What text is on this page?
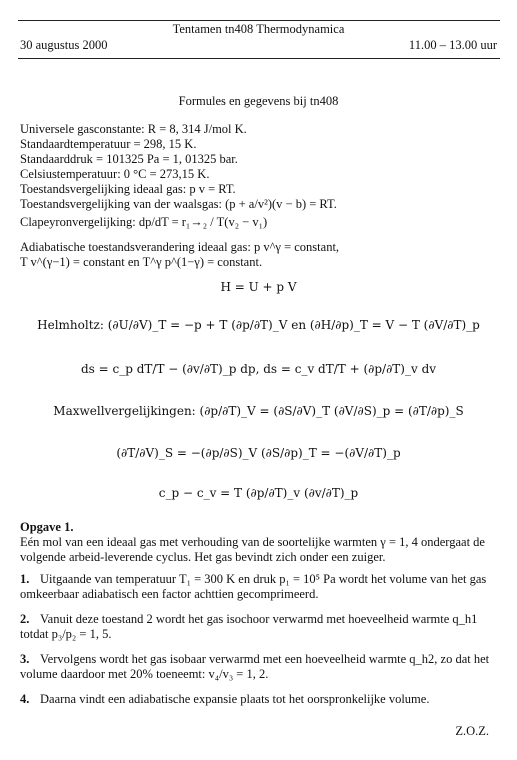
Tentamen tn408 Thermodynamica
30 augustus 2000	11.00 – 13.00 uur
Formules en gegevens bij tn408
Universele gasconstante: R = 8, 314 J/mol K.
Standaardtemperatuur = 298, 15 K.
Standaarddruk = 101325 Pa = 1, 01325 bar.
Celsiustemperatuur: 0 °C = 273,15 K.
Toestandsvergelijking ideaal gas: p v = RT.
Toestandsvergelijking van der waalsgas: (p + a/v²)(v − b) = RT.
Clapeyronvergelijking: dp/dT = r₁→₂ / T(v₂ − v₁)
Adiabatische toestandsverandering ideaal gas: p v^γ = constant,
T v^(γ−1) = constant en T^γ p^(1−γ) = constant.
H = U + p V
Helmholtz: (∂U/∂V)_T = −p + T (∂p/∂T)_V en (∂H/∂p)_T = V − T (∂V/∂T)_p
ds = c_p dT/T − (∂v/∂T)_p dp, ds = c_v dT/T + (∂p/∂T)_v dv
Maxwellvergelijkingen: (∂p/∂T)_V = (∂S/∂V)_T (∂V/∂S)_p = (∂T/∂p)_S
(∂T/∂V)_S = −(∂p/∂S)_V (∂S/∂p)_T = −(∂V/∂T)_p
c_p − c_v = T (∂p/∂T)_v (∂v/∂T)_p
Opgave 1.
Eén mol van een ideaal gas met verhouding van de soortelijke warmten γ = 1, 4 ondergaat de volgende arbeid-leverende cyclus. Het gas bevindt zich onder een zuiger.
1. Uitgaande van temperatuur T₁ = 300 K en druk p₁ = 10⁵ Pa wordt het volume van het gas omkeerbaar adiabatisch een factor achttien gecomprimeerd.
2. Vanuit deze toestand 2 wordt het gas isochoor verwarmd met hoeveelheid warmte q_h1 totdat p₃/p₂ = 1, 5.
3. Vervolgens wordt het gas isobaar verwarmd met een hoeveelheid warmte q_h2, zo dat het volume daardoor met 20% toeneemt: v₄/v₃ = 1, 2.
4. Daarna vindt een adiabatische expansie plaats tot het oorspronkelijke volume.
Z.O.Z.
